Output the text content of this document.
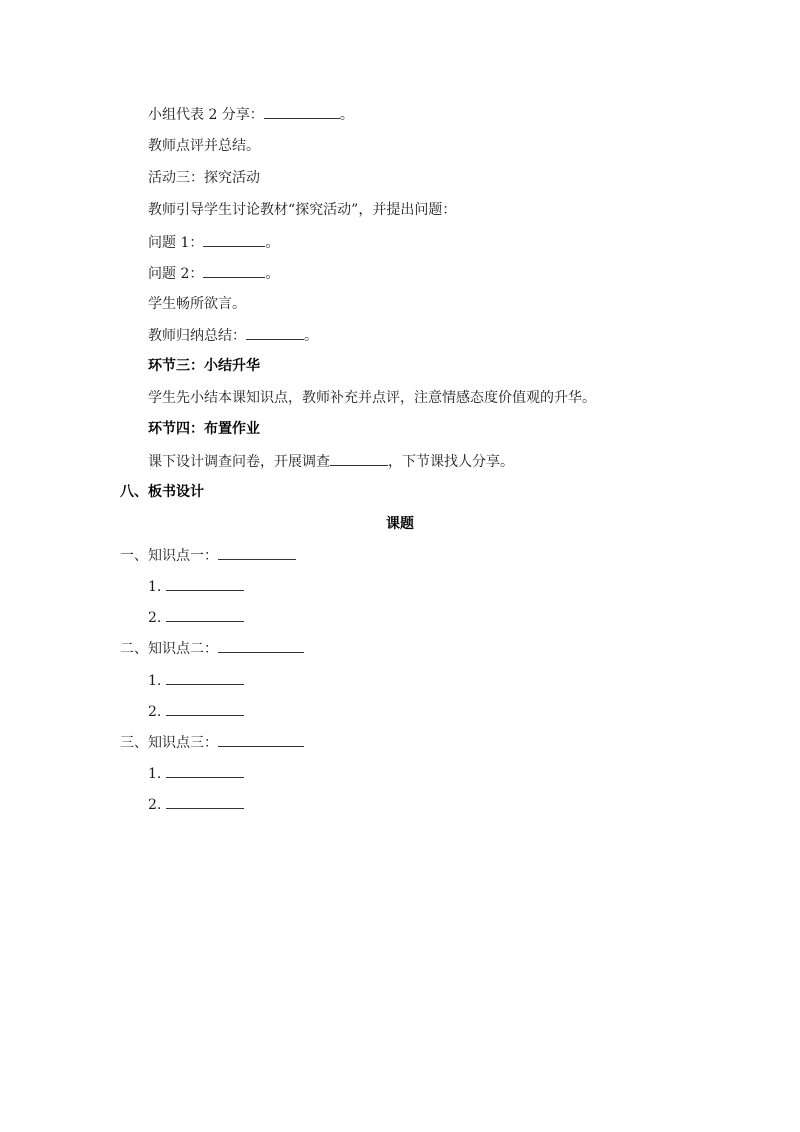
小组代表 2 分享：	。
教师点评并总结。
活动三：探究活动
教师引导学生讨论教材“探究活动”，并提出问题：
问题 1：	。
问题 2：	。
学生畅所欲言。
教师归纳总结：	。
环节三：小结升华
学生先小结本课知识点，教师补充并点评，注意情感态度价值观的升华。
环节四：布置作业
课下设计调查问卷，开展调查	，下节课找人分享。
八、板书设计
课题
一、知识点一：
1.
2.
二、知识点二：
1.
2.
三、知识点三：
1.
2.
